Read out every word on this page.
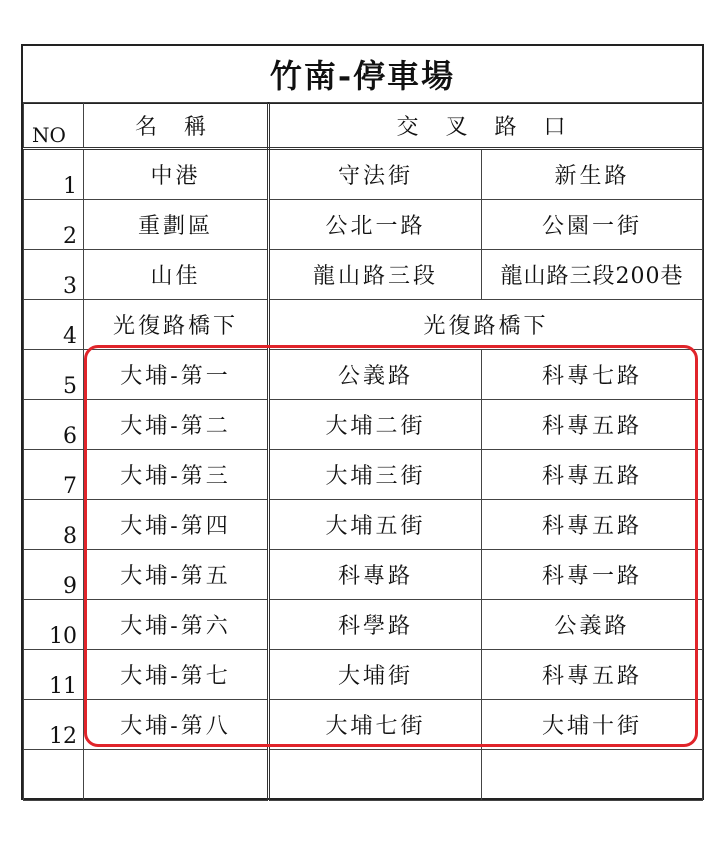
竹南-停車場
NO	名 稱	交 叉 路 口	
1	中港	守法街	新生路
2	重劃區	公北一路	公園一街
3	山佳	龍山路三段	龍山路三段200巷
4	光復路橋下	光復路橋下	
5	大埔-第一	公義路	科專七路
6	大埔-第二	大埔二街	科專五路
7	大埔-第三	大埔三街	科專五路
8	大埔-第四	大埔五街	科專五路
9	大埔-第五	科專路	科專一路
10	大埔-第六	科學路	公義路
11	大埔-第七	大埔街	科專五路
12	大埔-第八	大埔七街	大埔十街
